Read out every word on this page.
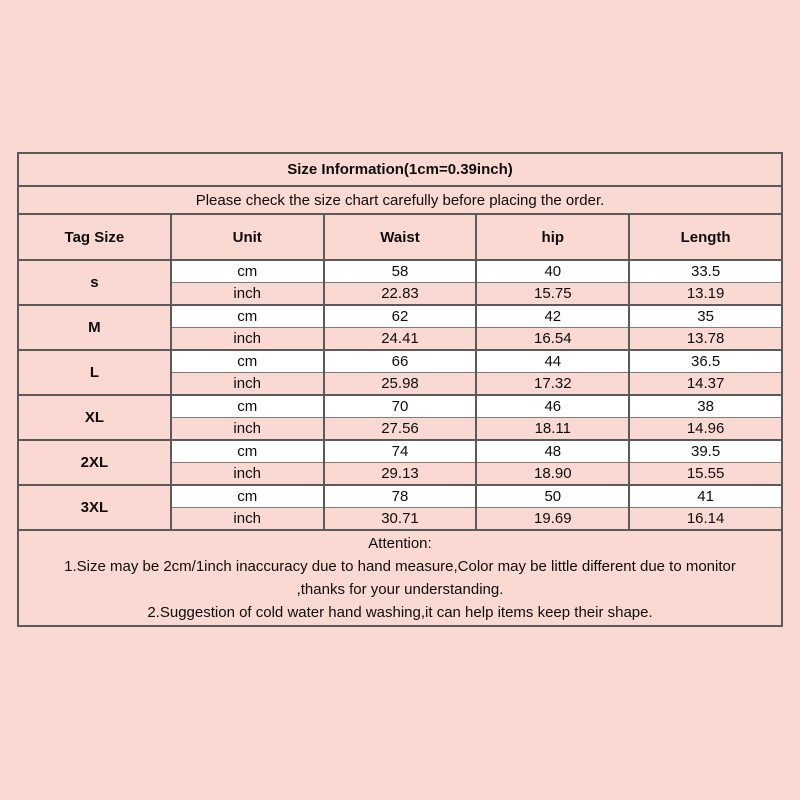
Size Information(1cm=0.39inch)				
Please check the size chart carefully before placing the order.				
Tag Size	Unit	Waist	hip	Length
s	cm	58	40	33.5
	inch	22.83	15.75	13.19
M	cm	62	42	35
	inch	24.41	16.54	13.78
L	cm	66	44	36.5
	inch	25.98	17.32	14.37
XL	cm	70	46	38
	inch	27.56	18.11	14.96
2XL	cm	74	48	39.5
	inch	29.13	18.90	15.55
3XL	cm	78	50	41
	inch	30.71	19.69	16.14

Attention:
1.Size may be 2cm/1inch inaccuracy due to hand measure,Color may be little different due to monitor
,thanks for your understanding.
2.Suggestion of cold water hand washing,it can help items keep their shape.				
